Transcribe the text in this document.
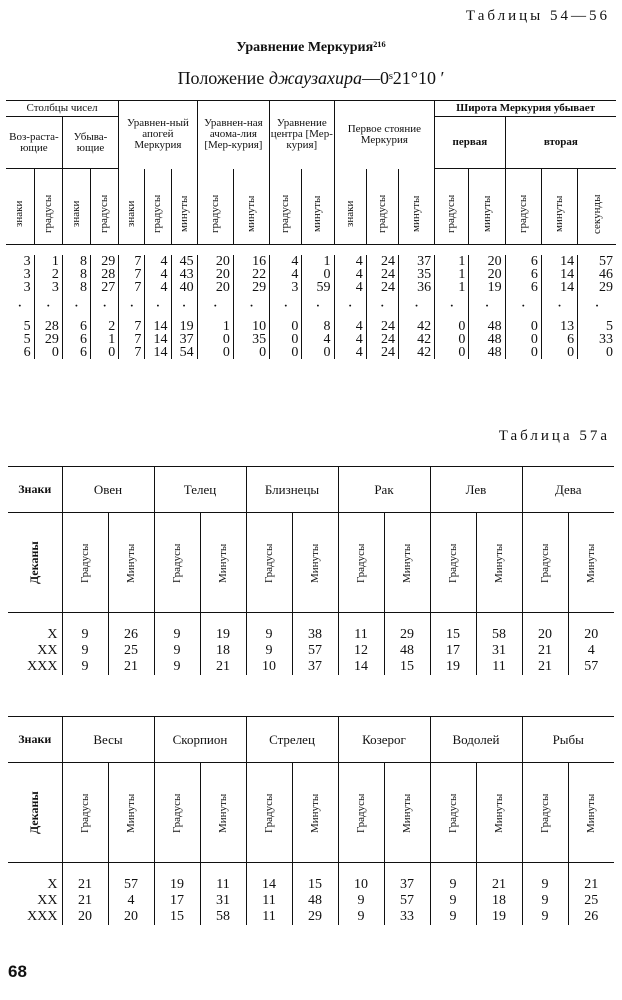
Таблицы 54—56
Уравнение Меркурия²¹⁶
Положение джаузахира—0ˢ21°10 ′
Столбцы чисел				Уравнен-ный апогей Меркурия			Уравнен-ная ачома-лия [Мер-курия]		Уравнение центра [Мер-курия]		Первое стояние Меркурия			Широта Меркурия убывает				
Воз-раста-ющие		Убыва-ющие												первая		вторая		

знаки	градусы	знаки	градусы	знаки	градусы	минуты	градусы	минуты	градусы	минуты	знаки	градусы	минуты	градусы	минуты	градусы	минуты	секунды

3	1	8	29	7	4	45	20	16	4	1	4	24	37	1	20	6	14	57
3	2	8	28	7	4	43	20	22	4	0	4	24	35	1	20	6	14	46
3	3	8	27	7	4	40	20	29	3	59	4	24	36	1	19	6	14	29
·	·	·	·	·	·	·	·	·	·	·	·	·	·	·	·	·	·	·
5	28	6	2	7	14	19	1	10	0	8	4	24	42	0	48	0	13	5
5	29	6	1	7	14	37	0	35	0	4	4	24	42	0	48	0	6	33
6	0	6	0	7	14	54	0	0	0	0	4	24	42	0	48	0	0	0
Таблица 57а
Знаки	Овен		Телец		Близнецы		Рак		Лев		Дева	

Деканы	Градусы	Минуты	Градусы	Минуты	Градусы	Минуты	Градусы	Минуты	Градусы	Минуты	Градусы	Минуты

X	9	26	9	19	9	38	11	29	15	58	20	20
XX	9	25	9	18	9	57	12	48	17	31	21	4
XXX	9	21	9	21	10	37	14	15	19	11	21	57
Знаки	Весы		Скорпион		Стрелец		Козерог		Водолей		Рыбы	

Деканы	Градусы	Минуты	Градусы	Минуты	Градусы	Минуты	Градусы	Минуты	Градусы	Минуты	Градусы	Минуты

X	21	57	19	11	14	15	10	37	9	21	9	21
XX	21	4	17	31	11	48	9	57	9	18	9	25
XXX	20	20	15	58	11	29	9	33	9	19	9	26
68
